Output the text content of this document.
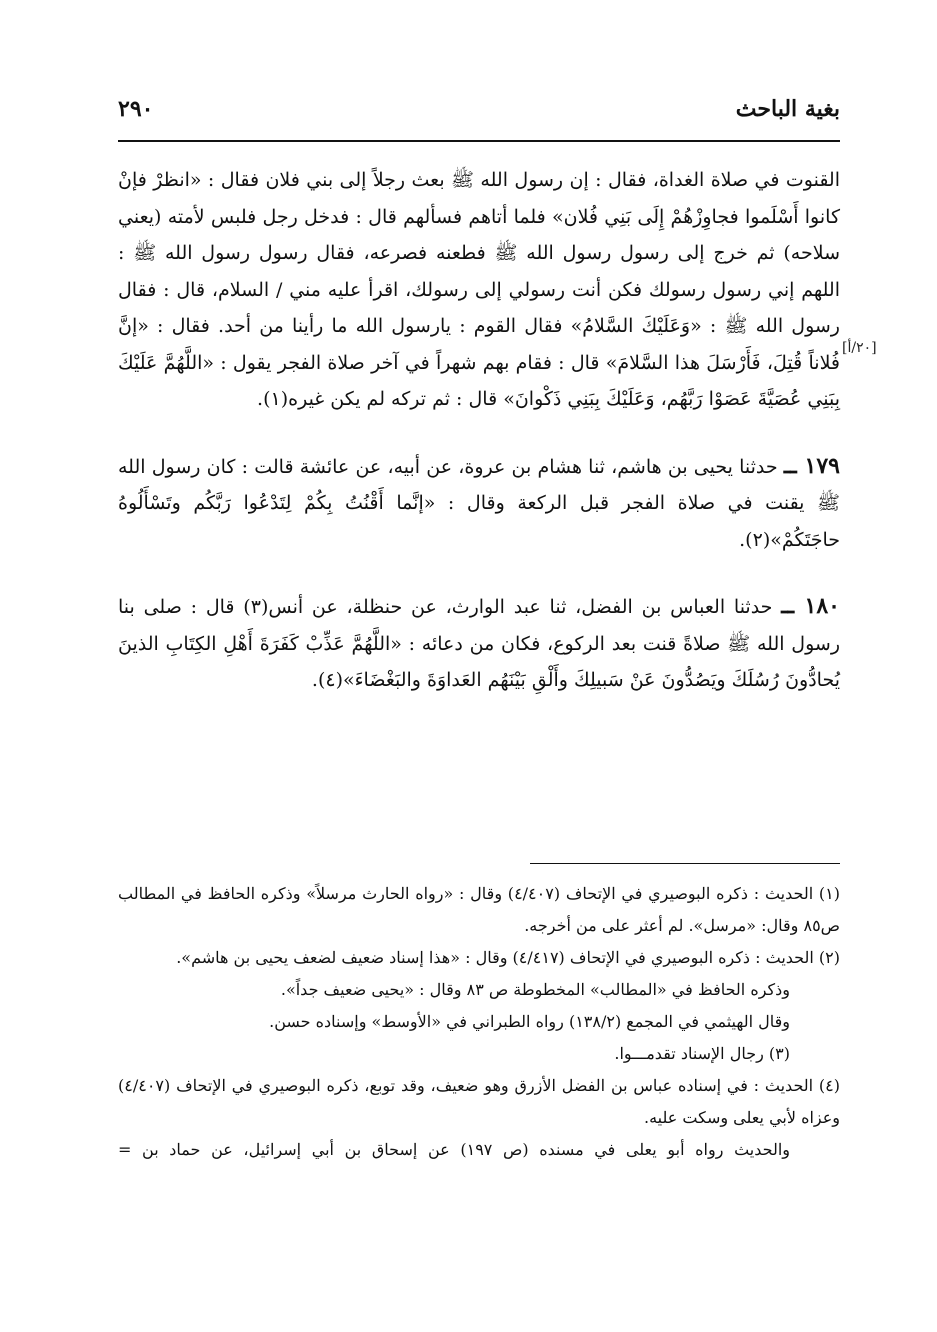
بغية الباحث
٢٩٠
[٢٠/أ]

القنوت في صلاة الغداة، فقال : إن رسول الله ﷺ بعث رجلاً إلى بني فلان فقال : «انظرْ فإنْ كانوا أَسْلَموا فجاوِزْهُمْ إِلَى بَنِي فُلان» فلما أتاهم فسألهم قال : فدخل رجل فلبس لأمته (يعني سلاحه) ثم خرج إلى رسول رسول الله ﷺ فطعنه فصرعه، فقال رسول رسول الله ﷺ : اللهم إني رسول رسولك فكن أنت رسولي إلى رسولك، اقرأ عليه مني / السلام، قال : فقال رسول الله ﷺ : «وَعَلَيْكَ السَّلامُ» فقال القوم : يارسول الله ما رأينا من أحد. فقال : «إنَّ فُلاناً قُتِلَ، فَأَرْسَلَ هذا السَّلامَ» قال : فقام بهم شهراً في آخر صلاة الفجر يقول : «اللَّهُمَّ عَلَيْكَ بِبَنِي عُصَيَّةَ عَصَوْا رَبَّهُم، وَعَلَيْكَ بِبَنِي ذَكْوانَ» قال : ثم تركه لم يكن غيره(١).

١٧٩ ــ حدثنا يحيى بن هاشم، ثنا هشام بن عروة، عن أبيه، عن عائشة قالت : كان رسول الله ﷺ يقنت في صلاة الفجر قبل الركعة وقال : «إنَّما أَقْنُتُ بِكُمْ لِتَدْعُوا رَبَّكُم وتَسْأَلُوهُ حاجَتَكُمْ»(٢).

١٨٠ ــ حدثنا العباس بن الفضل، ثنا عبد الوارث، عن حنظلة، عن أنس(٣) قال : صلى بنا رسول الله ﷺ صلاةً قنت بعد الركوع، فكان من دعائه : «اللَّهُمَّ عَذِّبْ كَفَرَةَ أَهْلِ الكِتَابِ الذينَ يُحادُّونَ رُسُلَكَ ويَصُدُّونَ عَنْ سَبيلِكَ وأَلْقِ بَيْنَهُم العَداوَةَ والبَغْضَاءَ»(٤).

(١) الحديث : ذكره البوصيري في الإتحاف (٤/٤٠٧) وقال : «رواه الحارث مرسلاً» وذكره الحافظ في المطالب ص٨٥ وقال: «مرسل». لم أعثر على من أخرجه.

(٢) الحديث : ذكره البوصيري في الإتحاف (٤/٤١٧) وقال : «هذا إسناد ضعيف لضعف يحيى بن هاشم».

وذكره الحافظ في «المطالب» المخطوطة ص ٨٣ وقال : «يحيى ضعيف جداً».

وقال الهيثمي في المجمع (١٣٨/٢) رواه الطبراني في «الأوسط» وإسناده حسن.

(٣) رجال الإسناد تقدمـــوا.

(٤) الحديث : في إسناده عباس بن الفضل الأزرق وهو ضعيف، وقد توبع، ذكره البوصيري في الإتحاف (٤/٤٠٧) وعزاه لأبي يعلى وسكت عليه.

والحديث رواه أبو يعلى في مسنده (ص ١٩٧) عن إسحاق بن أبي إسرائيل، عن حماد بن =
